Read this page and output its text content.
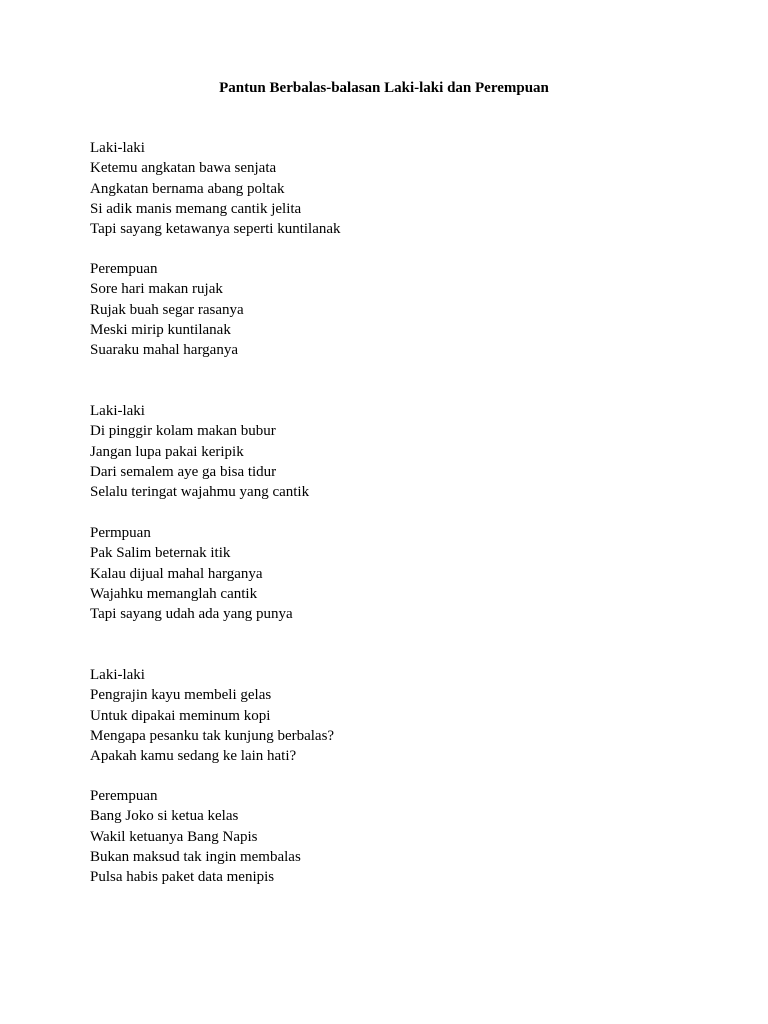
Pantun Berbalas-balasan Laki-laki dan Perempuan
Laki-laki
Ketemu angkatan bawa senjata
Angkatan bernama abang poltak
Si adik manis memang cantik jelita
Tapi sayang ketawanya seperti kuntilanak
Perempuan
Sore hari makan rujak
Rujak buah segar rasanya
Meski mirip kuntilanak
Suaraku mahal harganya
Laki-laki
Di pinggir kolam makan bubur
Jangan lupa pakai keripik
Dari semalem aye ga bisa tidur
Selalu teringat wajahmu yang cantik
Permpuan
Pak Salim beternak itik
Kalau dijual mahal harganya
Wajahku memanglah cantik
Tapi sayang udah ada yang punya
Laki-laki
Pengrajin kayu membeli gelas
Untuk dipakai meminum kopi
Mengapa pesanku tak kunjung berbalas?
Apakah kamu sedang ke lain hati?
Perempuan
Bang Joko si ketua kelas
Wakil ketuanya Bang Napis
Bukan maksud tak ingin membalas
Pulsa habis paket data menipis
